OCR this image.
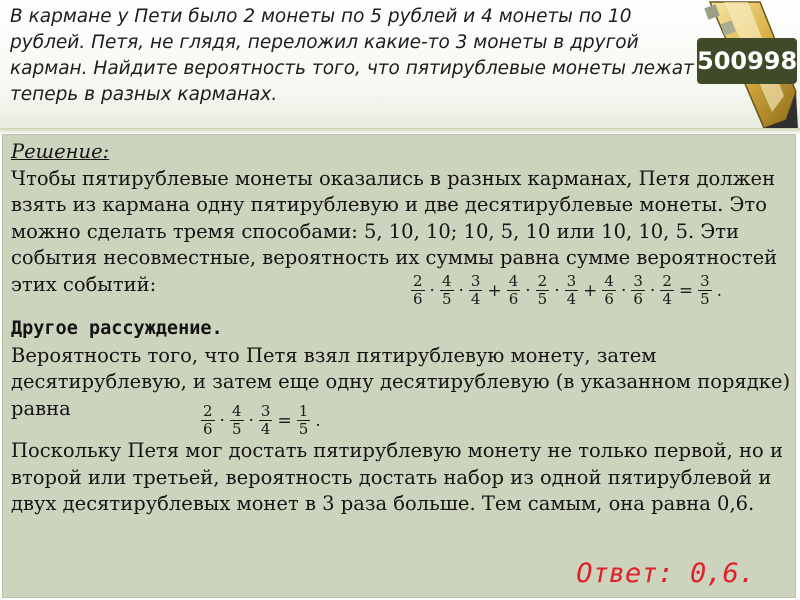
В кармане у Пети было 2 монеты по 5 рублей и 4 монеты по 10 рублей. Петя, не глядя, переложил какие-то 3 монеты в другой карман. Найдите вероятность того, что пятирублевые монеты лежат теперь в разных карманах.

500998
Решение:
Чтобы пятирублевые монеты оказались в разных карманах, Петя должен взять из кармана одну пятирублевую и две десятирублевые монеты. Это можно сделать тремя способами: 5, 10, 10; 10, 5, 10 или 10, 10, 5. Эти события несовместные, вероятность их суммы равна сумме вероятностей этих событий:
Другое рассуждение.
Вероятность того, что Петя взял пятирублевую монету, затем десятирублевую, и затем еще одну десятирублевую (в указанном порядке) равна
Поскольку Петя мог достать пятирублевую монету не только первой, но и второй или третьей, вероятность достать набор из одной пятирублевой и двух десятирублевых монет в 3 раза больше. Тем самым, она равна 0,6.
$\frac{2}{6} \cdot \frac{4}{5} \cdot \frac{3}{4} + \frac{4}{6} \cdot \frac{2}{5} \cdot \frac{3}{4} + \frac{4}{6} \cdot \frac{3}{6} \cdot \frac{2}{4} = \frac{3}{5}$ .
$\frac{2}{6} \cdot \frac{4}{5} \cdot \frac{3}{4} = \frac{1}{5}$ .
Ответ: 0,6.
